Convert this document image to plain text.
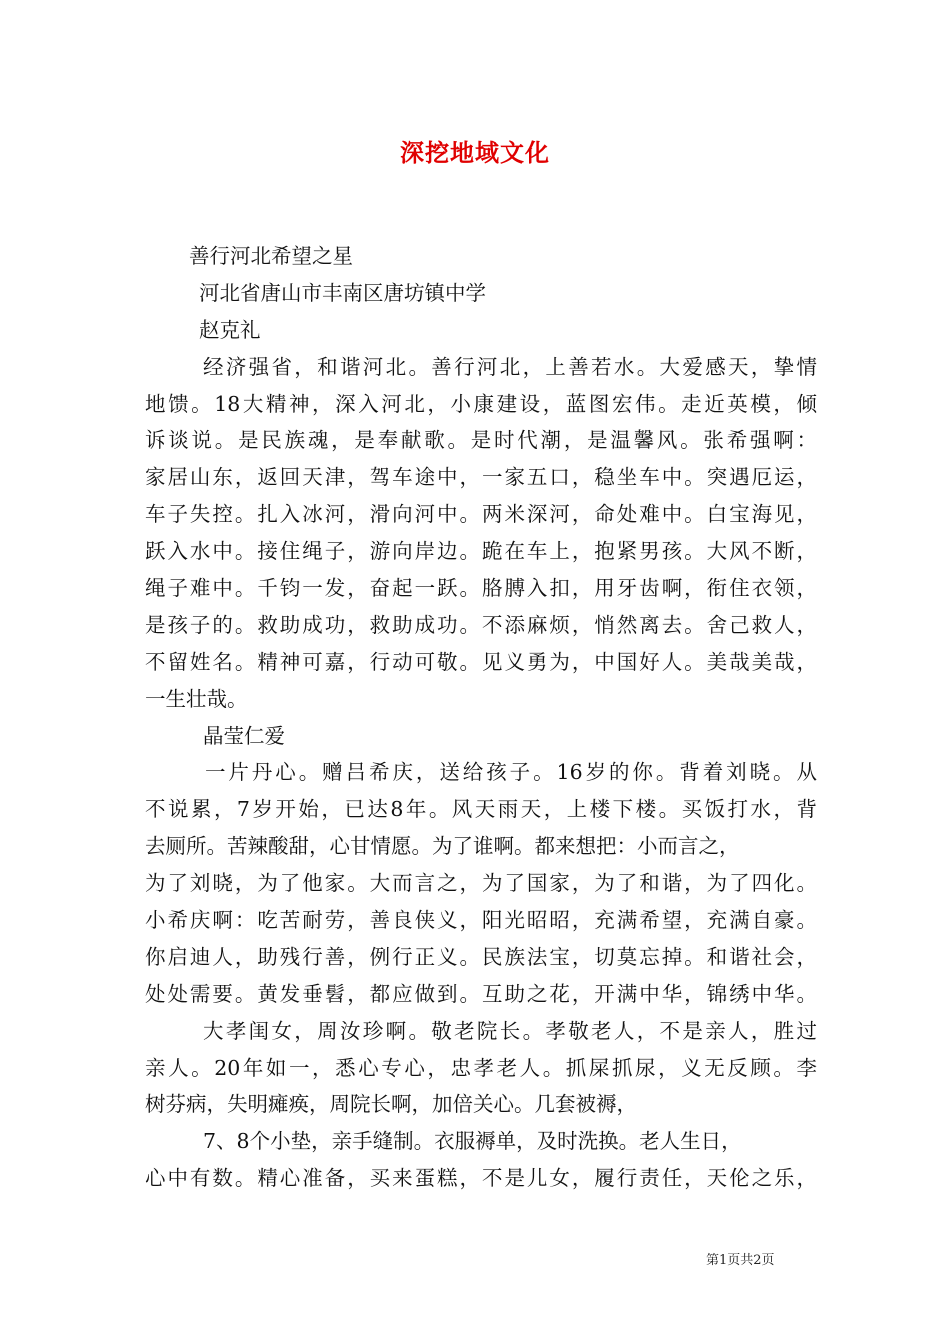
深挖地域文化
善行河北希望之星
河北省唐山市丰南区唐坊镇中学
赵克礼
经济强省，和谐河北。善行河北，上善若水。大爱感天，挚情
地馈。18大精神，深入河北，小康建设，蓝图宏伟。走近英模，倾
诉谈说。是民族魂，是奉献歌。是时代潮，是温馨风。张希强啊：
家居山东，返回天津，驾车途中，一家五口，稳坐车中。突遇厄运，
车子失控。扎入冰河，滑向河中。两米深河，命处难中。白宝海见，
跃入水中。接住绳子，游向岸边。跪在车上，抱紧男孩。大风不断，
绳子难中。千钧一发，奋起一跃。胳膊入扣，用牙齿啊，衔住衣领，
是孩子的。救助成功，救助成功。不添麻烦，悄然离去。舍己救人，
不留姓名。精神可嘉，行动可敬。见义勇为，中国好人。美哉美哉，
一生壮哉。
晶莹仁爱
一片丹心。赠吕希庆，送给孩子。16岁的你。背着刘晓。从
不说累，7岁开始，已达8年。风天雨天，上楼下楼。买饭打水，背
去厕所。苦辣酸甜，心甘情愿。为了谁啊。都来想把：小而言之，
为了刘晓，为了他家。大而言之，为了国家，为了和谐，为了四化。
小希庆啊：吃苦耐劳，善良侠义，阳光昭昭，充满希望，充满自豪。
你启迪人，助残行善，例行正义。民族法宝，切莫忘掉。和谐社会，
处处需要。黄发垂髫，都应做到。互助之花，开满中华，锦绣中华。
大孝闺女，周汝珍啊。敬老院长。孝敬老人，不是亲人，胜过
亲人。20年如一，悉心专心，忠孝老人。抓屎抓尿，义无反顾。李
树芬病，失明瘫痪，周院长啊，加倍关心。几套被褥，
7、8个小垫，亲手缝制。衣服褥单，及时洗换。老人生日，
心中有数。精心准备，买来蛋糕，不是儿女，履行责任，天伦之乐，
第1页共2页
